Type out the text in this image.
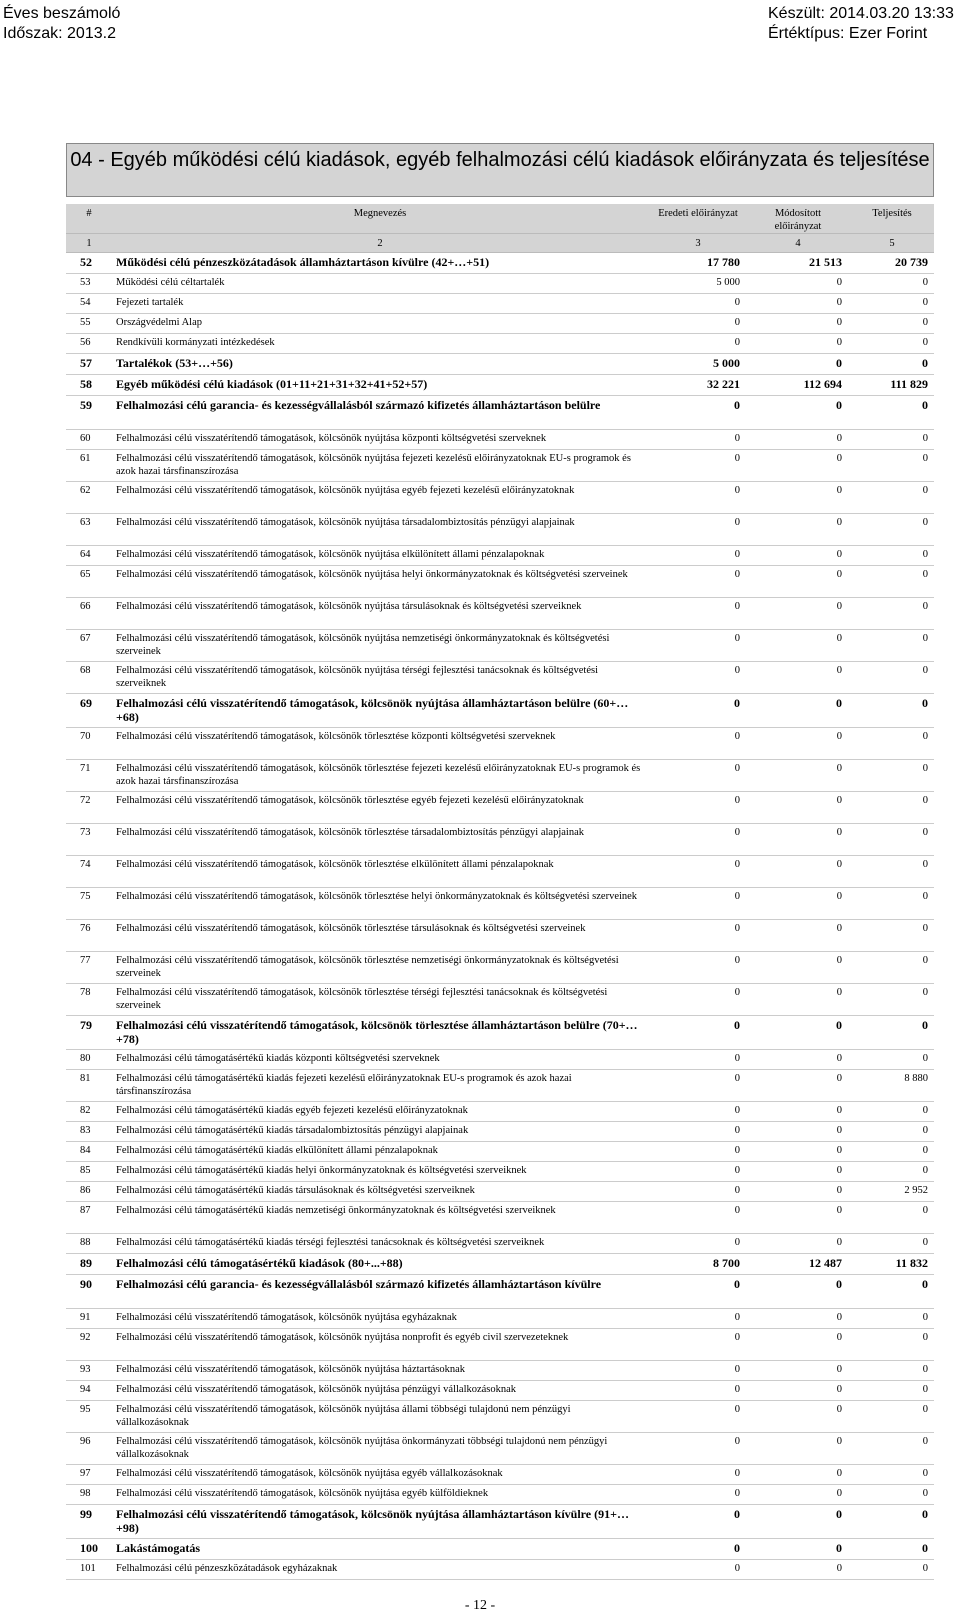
Éves beszámoló
Időszak: 2013.2
Készült: 2014.03.20 13:33
Értéktípus: Ezer Forint
04 - Egyéb működési célú kiadások, egyéb felhalmozási célú kiadások előirányzata és teljesítése
#	Megnevezés	Eredeti előirányzat	Módosított előirányzat	Teljesítés
1	2	3	4	5
52	Működési célú pénzeszközátadások államháztartáson kívülre (42+…+51)	17 780	21 513	20 739
53	Működési célú céltartalék	5 000	0	0
54	Fejezeti tartalék	0	0	0
55	Országvédelmi Alap	0	0	0
56	Rendkívüli kormányzati intézkedések	0	0	0
57	Tartalékok (53+…+56)	5 000	0	0
58	Egyéb működési célú kiadások (01+11+21+31+32+41+52+57)	32 221	112 694	111 829
59	Felhalmozási célú garancia- és kezességvállalásból származó kifizetés államháztartáson belülre	0	0	0
60	Felhalmozási célú visszatérítendő támogatások, kölcsönök nyújtása központi költségvetési szerveknek	0	0	0
61	Felhalmozási célú visszatérítendő támogatások, kölcsönök nyújtása fejezeti kezelésű előirányzatoknak EU-s programok és azok hazai társfinanszírozása	0	0	0
62	Felhalmozási célú visszatérítendő támogatások, kölcsönök nyújtása egyéb fejezeti kezelésű előirányzatoknak	0	0	0
63	Felhalmozási célú visszatérítendő támogatások, kölcsönök nyújtása társadalombiztosítás pénzügyi alapjainak	0	0	0
64	Felhalmozási célú visszatérítendő támogatások, kölcsönök nyújtása elkülönített állami pénzalapoknak	0	0	0
65	Felhalmozási célú visszatérítendő támogatások, kölcsönök nyújtása helyi önkormányzatoknak és költségvetési szerveinek	0	0	0
66	Felhalmozási célú visszatérítendő támogatások, kölcsönök nyújtása társulásoknak és költségvetési szerveiknek	0	0	0
67	Felhalmozási célú visszatérítendő támogatások, kölcsönök nyújtása nemzetiségi önkormányzatoknak és költségvetési szerveinek	0	0	0
68	Felhalmozási célú visszatérítendő támogatások, kölcsönök nyújtása térségi fejlesztési tanácsoknak és költségvetési szerveiknek	0	0	0
69	Felhalmozási célú visszatérítendő támogatások, kölcsönök nyújtása államháztartáson belülre (60+…+68)	0	0	0
70	Felhalmozási célú visszatérítendő támogatások, kölcsönök törlesztése központi költségvetési szerveknek	0	0	0
71	Felhalmozási célú visszatérítendő támogatások, kölcsönök törlesztése fejezeti kezelésű előirányzatoknak EU-s programok és azok hazai társfinanszírozása	0	0	0
72	Felhalmozási célú visszatérítendő támogatások, kölcsönök törlesztése egyéb fejezeti kezelésű előirányzatoknak	0	0	0
73	Felhalmozási célú visszatérítendő támogatások, kölcsönök törlesztése társadalombiztosítás pénzügyi alapjainak	0	0	0
74	Felhalmozási célú visszatérítendő támogatások, kölcsönök törlesztése elkülönített állami pénzalapoknak	0	0	0
75	Felhalmozási célú visszatérítendő támogatások, kölcsönök törlesztése helyi önkormányzatoknak és költségvetési szerveinek	0	0	0
76	Felhalmozási célú visszatérítendő támogatások, kölcsönök törlesztése társulásoknak és költségvetési szerveinek	0	0	0
77	Felhalmozási célú visszatérítendő támogatások, kölcsönök törlesztése nemzetiségi önkormányzatoknak és költségvetési szerveinek	0	0	0
78	Felhalmozási célú visszatérítendő támogatások, kölcsönök törlesztése térségi fejlesztési tanácsoknak és költségvetési szerveinek	0	0	0
79	Felhalmozási célú visszatérítendő támogatások, kölcsönök törlesztése államháztartáson belülre (70+…+78)	0	0	0
80	Felhalmozási célú támogatásértékű kiadás központi költségvetési szerveknek	0	0	0
81	Felhalmozási célú támogatásértékű kiadás fejezeti kezelésű előirányzatoknak EU-s programok és azok hazai társfinanszírozása	0	0	8 880
82	Felhalmozási célú támogatásértékű kiadás egyéb fejezeti kezelésű előirányzatoknak	0	0	0
83	Felhalmozási célú támogatásértékű kiadás társadalombiztosítás pénzügyi alapjainak	0	0	0
84	Felhalmozási célú támogatásértékű kiadás elkülönített állami pénzalapoknak	0	0	0
85	Felhalmozási célú támogatásértékű kiadás helyi önkormányzatoknak és költségvetési szerveiknek	0	0	0
86	Felhalmozási célú támogatásértékű kiadás társulásoknak és költségvetési szerveiknek	0	0	2 952
87	Felhalmozási célú támogatásértékű kiadás nemzetiségi önkormányzatoknak és költségvetési szerveiknek	0	0	0
88	Felhalmozási célú támogatásértékű kiadás térségi fejlesztési tanácsoknak és költségvetési szerveiknek	0	0	0
89	Felhalmozási célú támogatásértékű kiadások (80+...+88)	8 700	12 487	11 832
90	Felhalmozási célú garancia- és kezességvállalásból származó kifizetés államháztartáson kívülre	0	0	0
91	Felhalmozási célú visszatérítendő támogatások, kölcsönök nyújtása egyházaknak	0	0	0
92	Felhalmozási célú visszatérítendő támogatások, kölcsönök nyújtása nonprofit és egyéb civil szervezeteknek	0	0	0
93	Felhalmozási célú visszatérítendő támogatások, kölcsönök nyújtása háztartásoknak	0	0	0
94	Felhalmozási célú visszatérítendő támogatások, kölcsönök nyújtása pénzügyi vállalkozásoknak	0	0	0
95	Felhalmozási célú visszatérítendő támogatások, kölcsönök nyújtása állami többségi tulajdonú nem pénzügyi vállalkozásoknak	0	0	0
96	Felhalmozási célú visszatérítendő támogatások, kölcsönök nyújtása önkormányzati többségi tulajdonú nem pénzügyi vállalkozásoknak	0	0	0
97	Felhalmozási célú visszatérítendő támogatások, kölcsönök nyújtása egyéb vállalkozásoknak	0	0	0
98	Felhalmozási célú visszatérítendő támogatások, kölcsönök nyújtása egyéb külföldieknek	0	0	0
99	Felhalmozási célú visszatérítendő támogatások, kölcsönök nyújtása államháztartáson kívülre (91+…+98)	0	0	0
100	Lakástámogatás	0	0	0
101	Felhalmozási célú pénzeszközátadások egyházaknak	0	0	0
- 12 -
